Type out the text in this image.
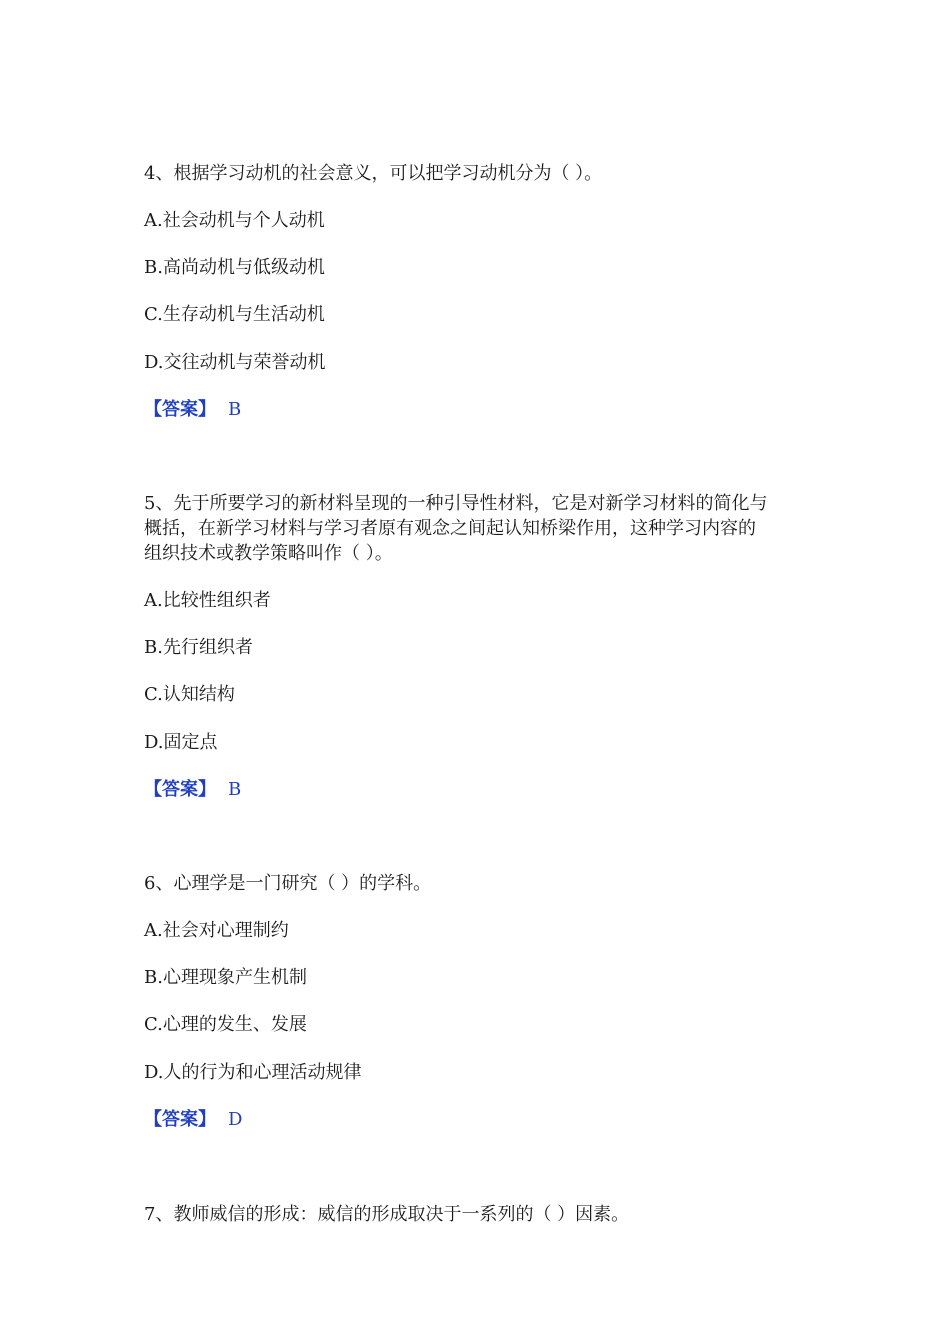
4、根据学习动机的社会意义，可以把学习动机分为（ ）。
A.社会动机与个人动机
B.高尚动机与低级动机
C.生存动机与生活动机
D.交往动机与荣誉动机
【答案】 B
5、先于所要学习的新材料呈现的一种引导性材料，它是对新学习材料的简化与
概括，在新学习材料与学习者原有观念之间起认知桥梁作用，这种学习内容的
组织技术或教学策略叫作（ ）。
A.比较性组织者
B.先行组织者
C.认知结构
D.固定点
【答案】 B
6、心理学是一门研究（ ）的学科。
A.社会对心理制约
B.心理现象产生机制
C.心理的发生、发展
D.人的行为和心理活动规律
【答案】 D
7、教师威信的形成：威信的形成取决于一系列的（ ）因素。
